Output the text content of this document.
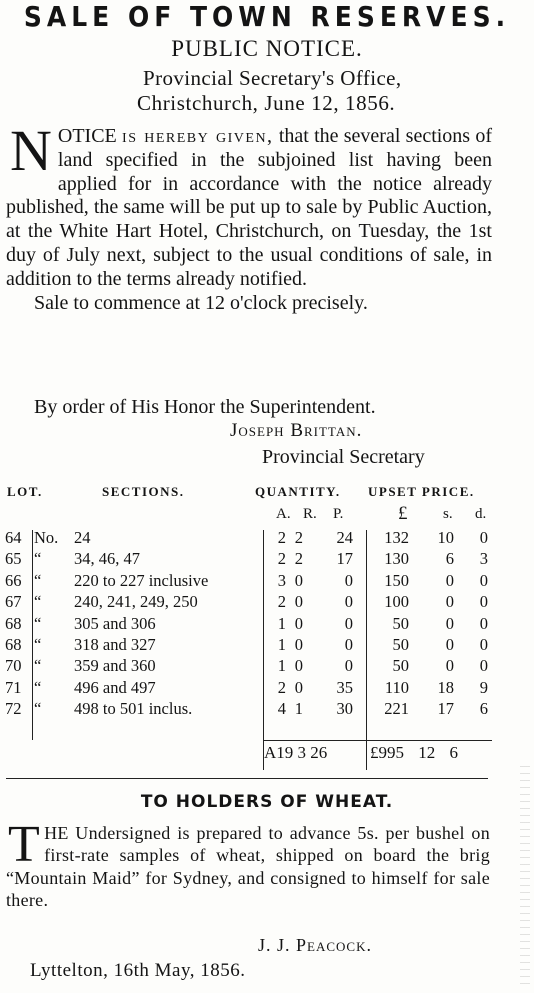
SALE OF TOWN RESERVES.
PUBLIC NOTICE.
Provincial Secretary's Office,
Christchurch, June 12, 1856.
NOTICE is hereby given, that the several sections of land specified in the subjoined list having been applied for in accordance with the notice already published, the same will be put up to sale by Public Auction, at the White Hart Hotel, Christchurch, on Tuesday, the 1st duy of July next, subject to the usual conditions of sale, in addition to the terms already notified.
Sale to commence at 12 o'clock precisely.
By order of His Honor the Superintendent.
Joseph Brittan.
Provincial Secretary
LOT.	SECTIONS.	QUANTITY. UPSET PRICE.
A. R. P.	£ s. d.
64 No. 24	2 2 24 132 10 0
65 “ 34, 46, 47	2 2 17 130 6 3
66 “ 220 to 227 inclusive	3 0	0 150 0 0
67 “ 240, 241, 249, 250	2 0	0 100 0 0
68 “ 305 and 306	1 0	0 50 0 0
68 “ 318 and 327	1 0	0 50 0 0
70 “ 359 and 360	1 0	0 50 0 0
71 “ 496 and 497	2 0 35 110 18 9
72 “ 498 to 501 inclus.	4 1 30 221 17 6
A19 3 26	£995 12 6
TO HOLDERS OF WHEAT.
THE Undersigned is prepared to advance 5s. per bushel on first-rate samples of wheat, shipped on board the brig “Mountain Maid” for Sydney, and consigned to himself for sale there.
J. J. Peacock.
Lyttelton, 16th May, 1856.
